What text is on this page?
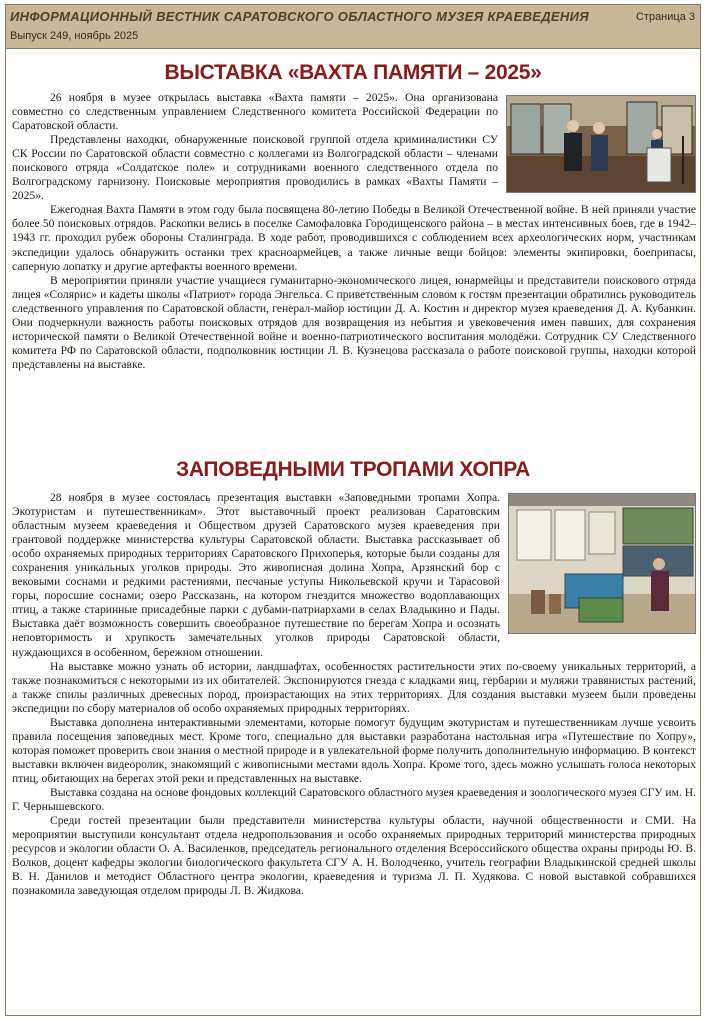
ИНФОРМАЦИОННЫЙ ВЕСТНИК САРАТОВСКОГО ОБЛАСТНОГО МУЗЕЯ КРАЕВЕДЕНИЯ
Выпуск 249, ноябрь 2025
Страница 3
ВЫСТАВКА «ВАХТА ПАМЯТИ – 2025»

26 ноября в музее открылась выставка «Вахта памяти – 2025». Она организована совместно со следственным управлением Следственного комитета Российской Федерации по Саратовской области.

Представлены находки, обнаруженные поисковой группой отдела криминалистики СУ СК России по Саратовской области совместно с коллегами из Волгоградской области – членами поискового отряда «Солдатское поле» и сотрудниками военного следственного отдела по Волгоградскому гарнизону. Поисковые мероприятия проводились в рамках «Вахты Памяти – 2025».

Ежегодная Вахта Памяти в этом году была посвящена 80-летию Победы в Великой Отечественной войне. В ней приняли участие более 50 поисковых отрядов. Раскопки велись в поселке Самофаловка Городищенского района – в местах интенсивных боев, где в 1942–1943 гг. проходил рубеж обороны Сталинграда. В ходе работ, проводившихся с соблюдением всех археологических норм, участникам экспедиции удалось обнаружить останки трех красноармейцев, а также личные вещи бойцов: элементы экипировки, боеприпасы, саперную лопатку и другие артефакты военного времени.

В мероприятии приняли участие учащиеся гуманитарно-экономического лицея, юнармейцы и представители поискового отряда лицея «Солярис» и кадеты школы «Патриот» города Энгельса. С приветственным словом к гостям презентации обратились руководитель следственного управления по Саратовской области, генерал-майор юстиции Д. А. Костин и директор музея краеведения Д. А. Кубанкин. Они подчеркнули важность работы поисковых отрядов для возвращения из небытия и увековечения имен павших, для сохранения исторической памяти о Великой Отечественной войне и военно-патриотического воспитания молодёжи. Сотрудник СУ Следственного комитета РФ по Саратовской области, подполковник юстиции Л. В. Кузнецова рассказала о работе поисковой группы, находки которой представлены на выставке.

ЗАПОВЕДНЫМИ ТРОПАМИ ХОПРА

28 ноября в музее состоялась презентация выставки «Заповедными тропами Хопра. Экотуристам и путешественникам». Этот выставочный проект реализован Саратовским областным музеем краеведения и Обществом друзей Саратовского музея краеведения при грантовой поддержке министерства культуры Саратовской области. Выставка рассказывает об особо охраняемых природных территориях Саратовского Прихоперья, которые были созданы для сохранения уникальных уголков природы. Это живописная долина Хопра, Арзянский бор с вековыми соснами и редкими растениями, песчаные уступы Никольевской кручи и Тарасовой горы, поросшие соснами; озеро Рассказань, на котором гнездится множество водоплавающих птиц, а также старинные присадебные парки с дубами-патриархами в селах Владыкино и Пады. Выставка даёт возможность совершить своеобразное путешествие по берегам Хопра и осознать неповторимость и хрупкость замечательных уголков природы Саратовской области, нуждающихся в особенном, бережном отношении.

На выставке можно узнать об истории, ландшафтах, особенностях растительности этих по-своему уникальных территорий, а также познакомиться с некоторыми из их обитателей. Экспонируются гнезда с кладками яиц, гербарии и муляжи травянистых растений, а также спилы различных древесных пород, произрастающих на этих территориях. Для создания выставки музеем были проведены экспедиции по сбору материалов об особо охраняемых природных территориях.

Выставка дополнена интерактивными элементами, которые помогут будущим экотуристам и путешественникам лучше усвоить правила посещения заповедных мест. Кроме того, специально для выставки разработана настольная игра «Путешествие по Хопру», которая поможет проверить свои знания о местной природе и в увлекательной форме получить дополнительную информацию. В контекст выставки включен видеоролик, знакомящий с живописными местами вдоль Хопра. Кроме того, здесь можно услышать голоса некоторых птиц, обитающих на берегах этой реки и представленных на выставке.

Выставка создана на основе фондовых коллекций Саратовского областного музея краеведения и зоологического музея СГУ им. Н. Г. Чернышевского.

Среди гостей презентации были представители министерства культуры области, научной общественности и СМИ. На мероприятии выступили консультант отдела недропользования и особо охраняемых природных территорий министерства природных ресурсов и экологии области О. А. Василенков, председатель регионального отделения Всероссийского общества охраны природы Ю. В. Волков, доцент кафедры экологии биологического факультета СГУ А. Н. Володченко, учитель географии Владыкинской средней школы В. Н. Данилов и методист Областного центра экологии, краеведения и туризма Л. П. Худякова. С новой выставкой собравшихся познакомила заведующая отделом природы Л. В. Жидкова.
